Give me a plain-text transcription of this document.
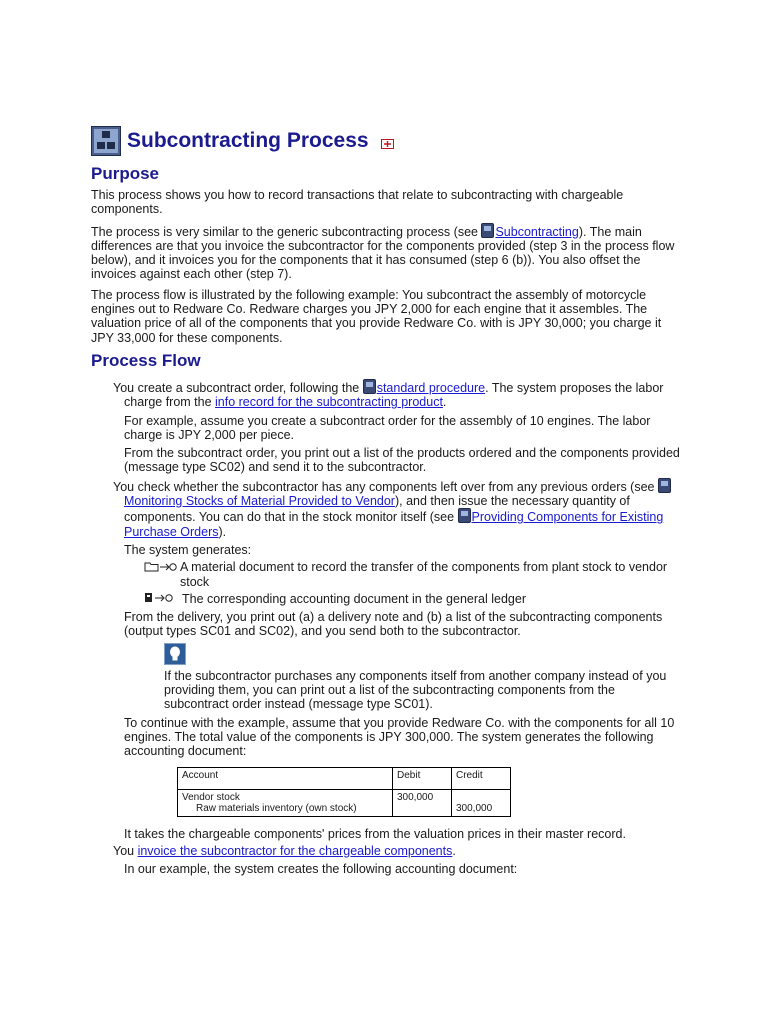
Subcontracting Process
Purpose

This process shows you how to record transactions that relate to subcontracting with chargeable components.

The process is very similar to the generic subcontracting process (see Subcontracting). The main differences are that you invoice the subcontractor for the components provided (step 3 in the process flow below), and it invoices you for the components that it has consumed (step 6 (b)). You also offset the invoices against each other (step 7).

The process flow is illustrated by the following example: You subcontract the assembly of motorcycle engines out to Redware Co. Redware charges you JPY 2,000 for each engine that it assembles. The valuation price of all of the components that you provide Redware Co. with is JPY 30,000; you charge it JPY 33,000 for these components.

Process Flow

You create a subcontract order, following the standard procedure. The system proposes the labor charge from the info record for the subcontracting product.

For example, assume you create a subcontract order for the assembly of 10 engines. The labor charge is JPY 2,000 per piece.

From the subcontract order, you print out a list of the products ordered and the components provided (message type SC02) and send it to the subcontractor.

You check whether the subcontractor has any components left over from any previous orders (see Monitoring Stocks of Material Provided to Vendor), and then issue the necessary quantity of components. You can do that in the stock monitor itself (see Providing Components for Existing Purchase Orders).

The system generates:

A material document to record the transfer of the components from plant stock to vendor stock

The corresponding accounting document in the general ledger

From the delivery, you print out (a) a delivery note and (b) a list of the subcontracting components (output types SC01 and SC02), and you send both to the subcontractor.

If the subcontractor purchases any components itself from another company instead of you providing them, you can print out a list of the subcontracting components from the subcontract order instead (message type SC01).

To continue with the example, assume that you provide Redware Co. with the components for all 10 engines. The total value of the components is JPY 300,000. The system generates the following accounting document:

Account	Debit	Credit

Vendor stock
Raw materials inventory (own stock)	300,000	300,000

It takes the chargeable components' prices from the valuation prices in their master record.

You invoice the subcontractor for the chargeable components.

In our example, the system creates the following accounting document:
